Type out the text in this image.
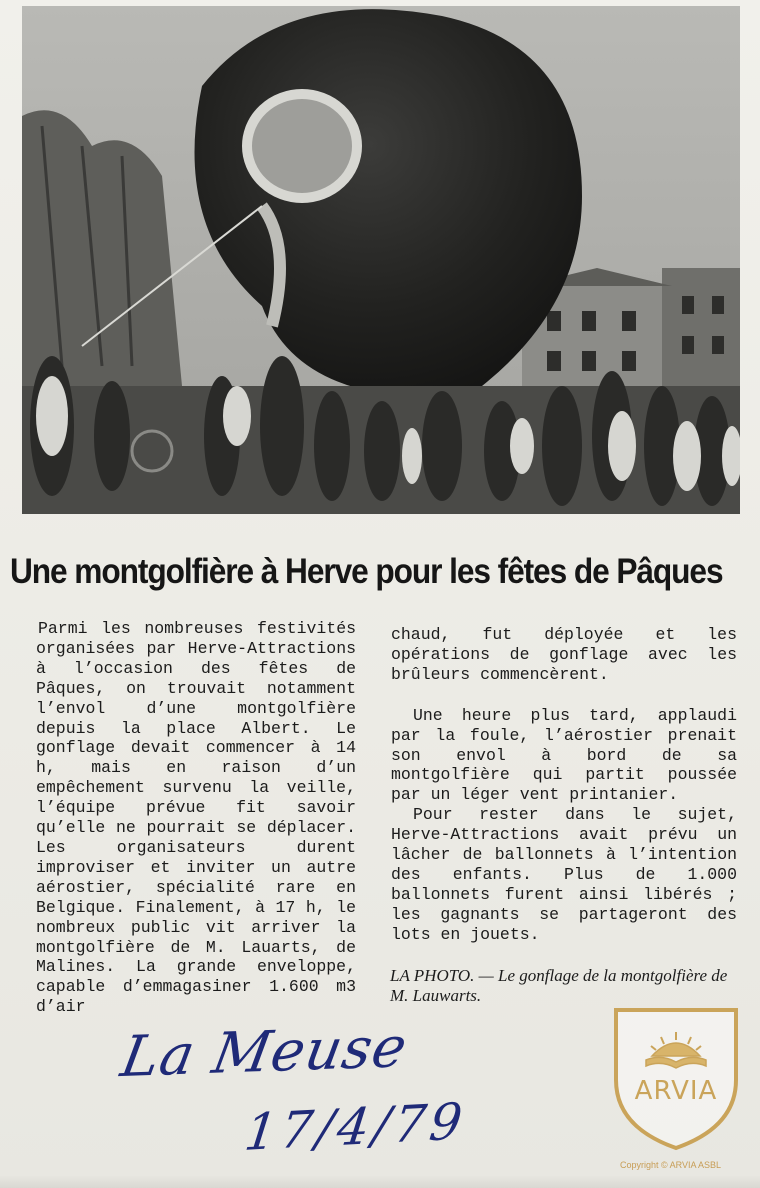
Une montgolfière à Herve pour les fêtes de Pâques

Parmi les nombreuses festivités organisées par Herve-Attractions à l’occasion des fêtes de Pâques, on trouvait notamment l’envol d’une montgolfière depuis la place Albert. Le gonflage devait commencer à 14 h, mais en raison d’un empêchement survenu la veille, l’équipe prévue fit savoir qu’elle ne pourrait se déplacer. Les organisateurs durent improviser et inviter un autre aérostier, spécialité rare en Belgique. Finalement, à 17 h, le nombreux public vit arriver la montgolfière de M. Lauarts, de Malines. La grande enveloppe, capable d’emmagasiner 1.600 m3 d’air

chaud, fut déployée et les opérations de gonflage avec les brûleurs commencèrent.

Une heure plus tard, applaudi par la foule, l’aérostier prenait son envol à bord de sa montgolfière qui partit poussée par un léger vent printanier.

Pour rester dans le sujet, Herve-Attractions avait prévu un lâcher de ballonnets à l’intention des enfants. Plus de 1.000 ballonnets furent ainsi libérés ; les gagnants se partageront des lots en jouets.

LA PHOTO. — Le gonflage de la montgolfière de M. Lauwarts.
La Meuse
17/4/79
ARVIA
Copyright © ARVIA ASBL
